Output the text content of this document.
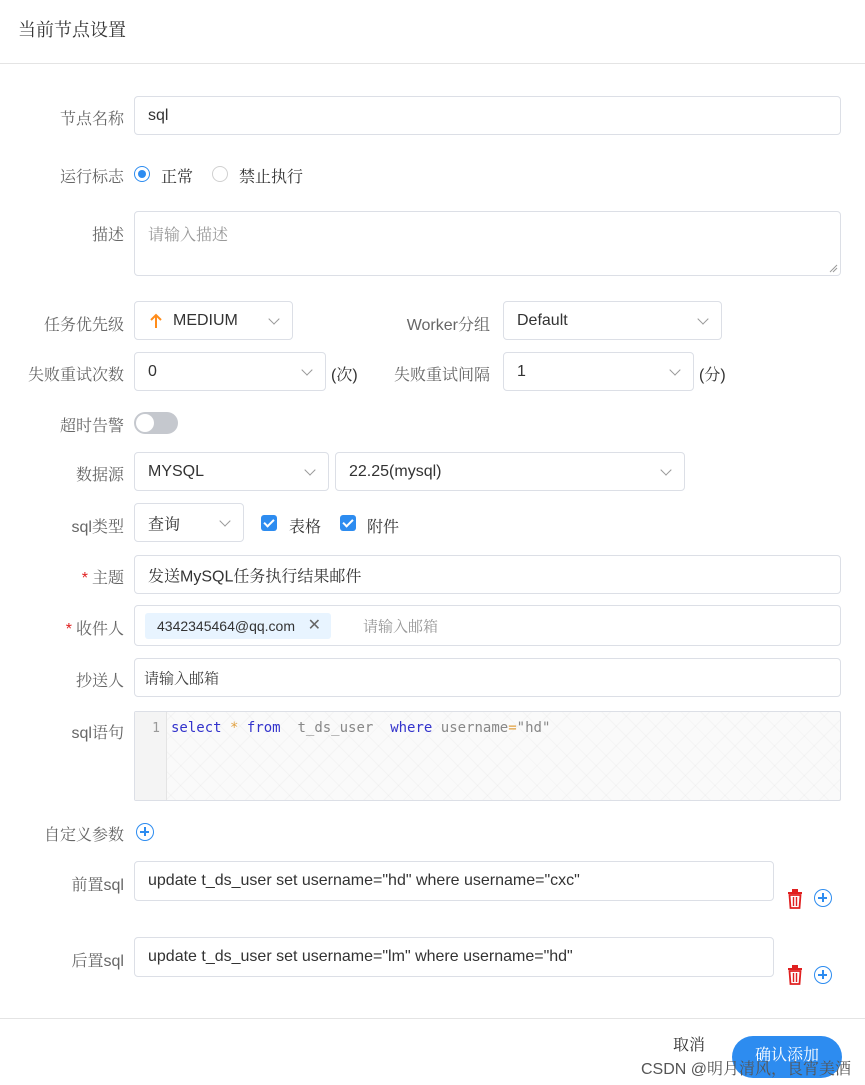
当前节点设置
节点名称 sql
运行标志 正常	禁止执行
描述 请输入描述
任务优先级	MEDIUM	Worker分组 Default
失败重试次数 0	(次)	失败重试间隔 1	(分)
超时告警
数据源 MYSQL	22.25(mysql)
sql类型 查询	表格	附件
* 主题 发送MySQL任务执行结果邮件
* 收件人	4342345464@qq.com ✕	请输入邮箱
抄送人 请输入邮箱
sql语句 1 select * from t_ds_user where username="hd"
自定义参数
前置sql update t_ds_user set username="hd" where username="cxc"
后置sql update t_ds_user set username="lm" where username="hd"
取消
确认添加
CSDN @明月清风，良宵美酒
